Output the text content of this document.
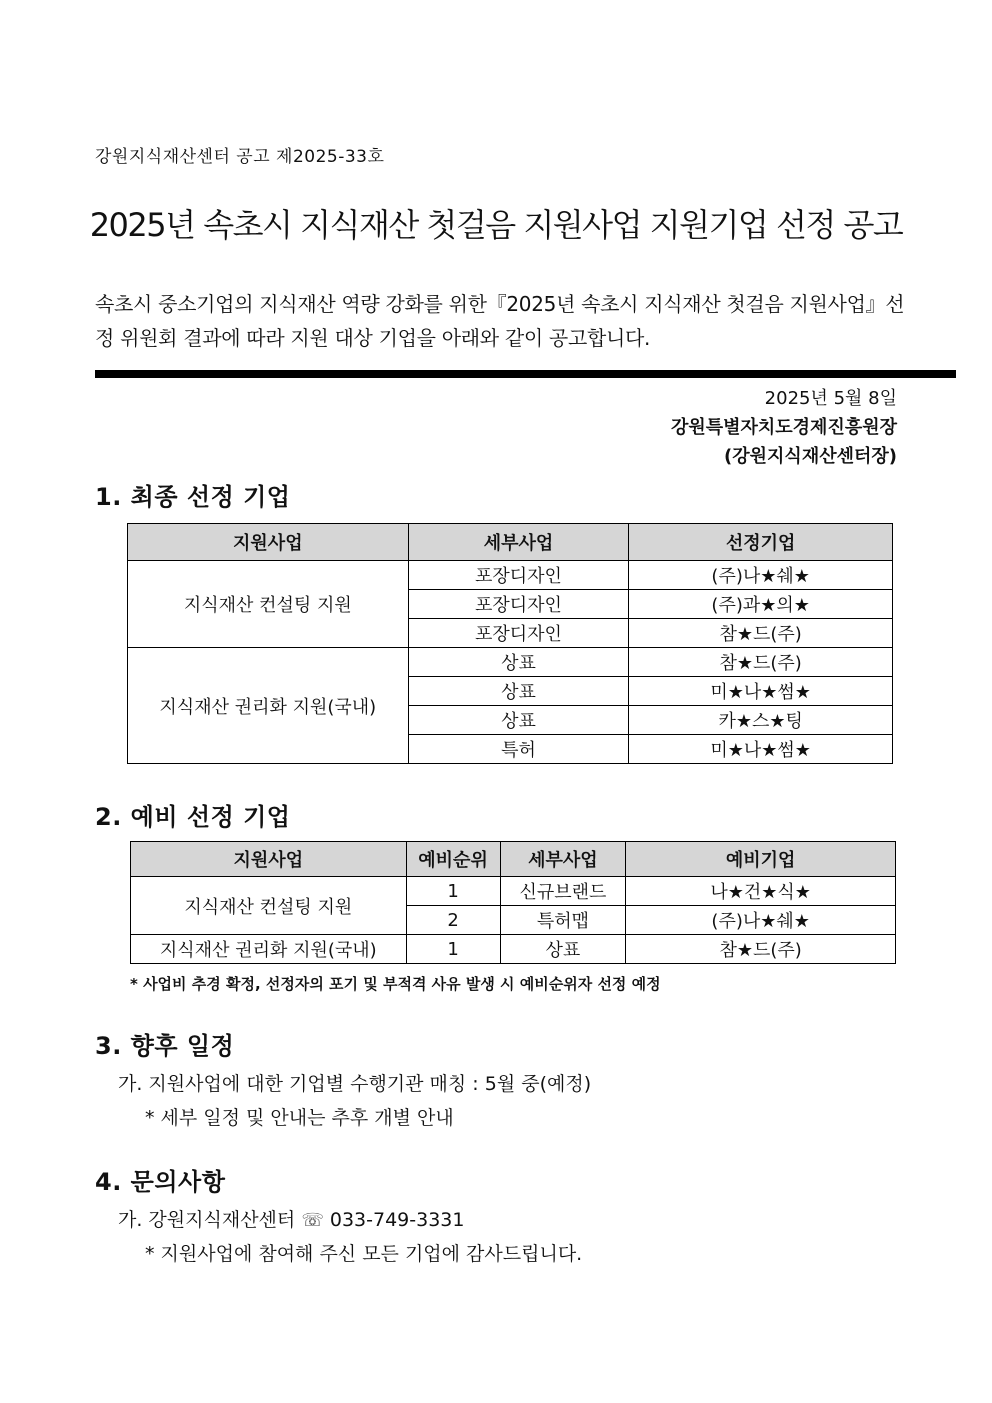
강원지식재산센터 공고 제2025-33호
2025년 속초시 지식재산 첫걸음 지원사업 지원기업 선정 공고
속초시 중소기업의 지식재산 역량 강화를 위한『2025년 속초시 지식재산 첫걸음 지원사업』선정 위원회 결과에 따라 지원 대상 기업을 아래와 같이 공고합니다.
2025년 5월 8일
강원특별자치도경제진흥원장
(강원지식재산센터장)
1. 최종 선정 기업
지원사업	세부사업	선정기업
지식재산 컨설팅 지원	포장디자인	(주)나★쉐★
	포장디자인	(주)과★의★
	포장디자인	참★드(주)
지식재산 권리화 지원(국내)	상표	참★드(주)
	상표	미★나★썸★
	상표	카★스★팅
	특허	미★나★썸★
2. 예비 선정 기업
지원사업	예비순위	세부사업	예비기업
지식재산 컨설팅 지원	1	신규브랜드	나★건★식★
	2	특허맵	(주)나★쉐★
지식재산 권리화 지원(국내)	1	상표	참★드(주)
* 사업비 추경 확정, 선정자의 포기 및 부적격 사유 발생 시 예비순위자 선정 예정
3. 향후 일정
가. 지원사업에 대한 기업별 수행기관 매칭 : 5월 중(예정)
* 세부 일정 및 안내는 추후 개별 안내
4. 문의사항
가. 강원지식재산센터 ☏ 033-749-3331
* 지원사업에 참여해 주신 모든 기업에 감사드립니다.
